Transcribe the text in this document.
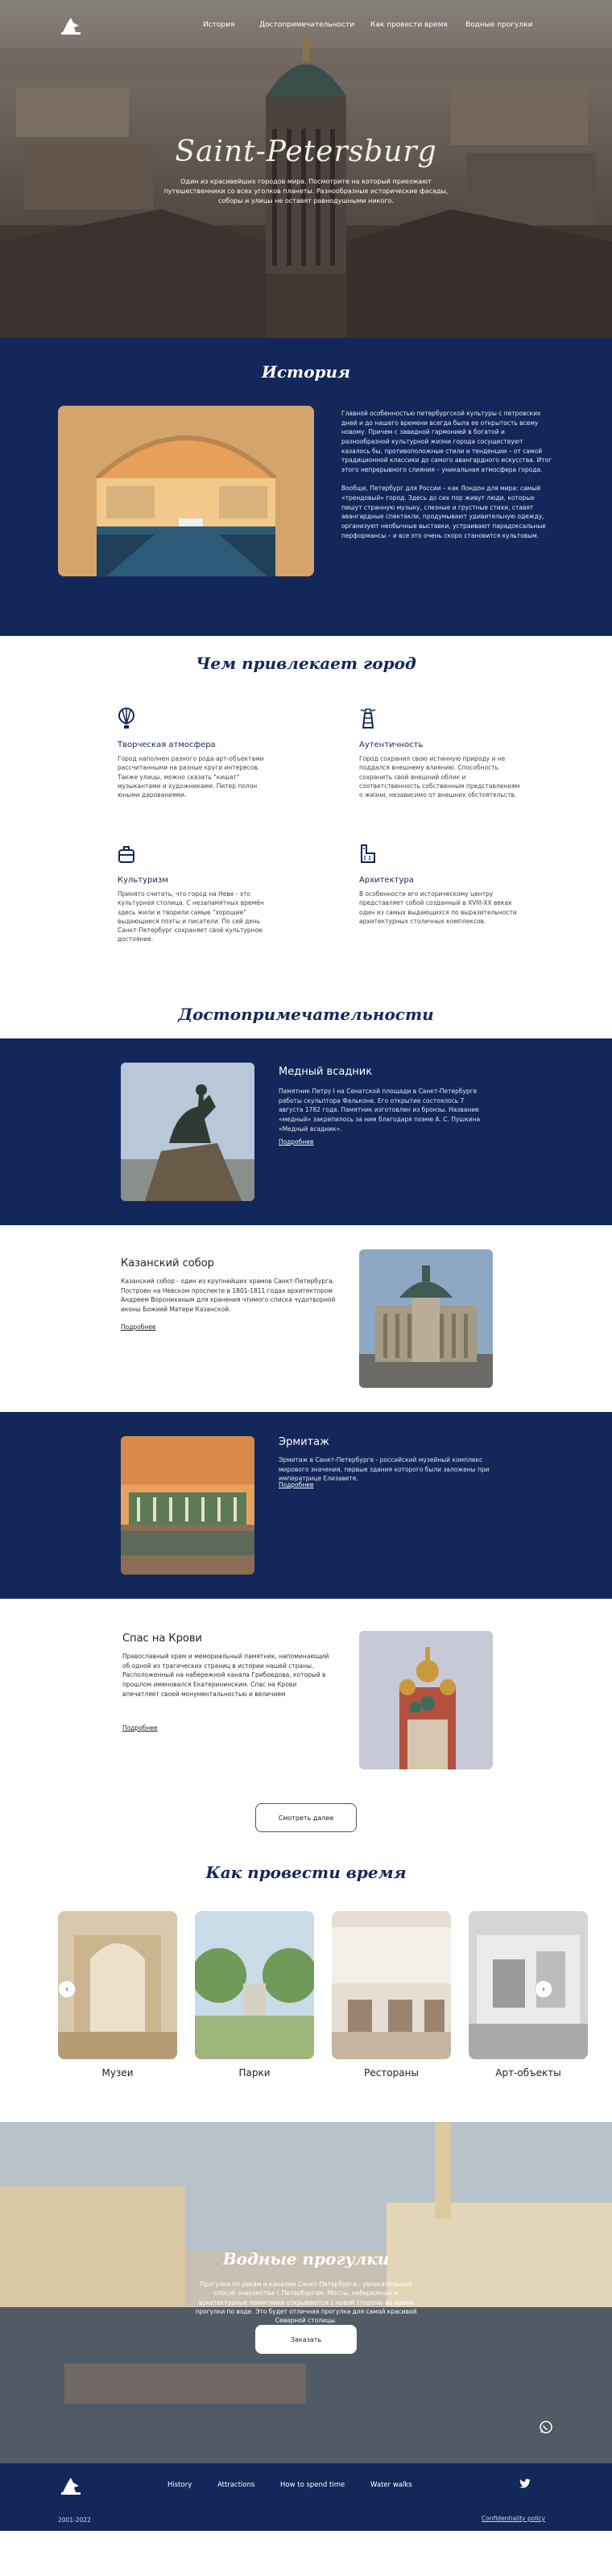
История	Достопримечательности Как провести время Водные прогулки
Saint-Petersburg
Один из красивейших городов мира. Посмотрите на который приезжают путешественники со всех уголков планеты. Разнообразные исторические фасады, соборы и улицы не оставят равнодушными никого.
История

Главной особенностью петербургской культуры с петровских дней и до нашего времени всегда была ее открытость всему новому. Причем с завидной гармонией в богатой и разнообразной культурной жизни города сосуществуют казалось бы, противоположные стили и тенденции – от самой традиционной классики до самого авангардного искусства. Итог этого непрерывного слияния – уникальная атмосфера города.

Вообще, Петербург для России – как Лондон для мира: самый «трендовый» город. Здесь до сих пор живут люди, которые пишут странную музыку, слезные и грустные стихи, ставят авангардные спектакли, продумывают удивительную одежду, организуют необычные выставки, устраивают парадоксальные перформансы – и все это очень скоро становится культовым.

Чем привлекает город
Творческая атмосфера
Город наполнен разного рода арт-объектами рассчитанными на разные круги интересов. Также улицы, можно сказать "кишат" музыкантами и художниками. Питер полон юными дарованиями.
Аутентичность
Город сохранил свою истинную природу и не поддался внешнему влиянию. Способность сохранить свой внешний облик и соответственность собственным представлениям о жизни, независимо от внешних обстоятельств.
Культуризм
Принято считать, что город на Неве - это культурная столица. С незапамятных времён здесь жили и творили самые "хорошие" выдающиеся поэты и писатели. По сей день Санкт-Петербург сохраняет своё культурное достояние.
Архитектура
В особенности его историческому центру представляет собой созданный в XVIII-XX веках один из самых выдающихся по выразительности архитектурных столичных комплексов.
Достопримечательности
Медный всадник
Памятник Петру I на Сенатской площади в Санкт-Петербурге работы скульптора Фальконе. Его открытие состоялось 7 августа 1782 года. Памятник изготовлен из бронзы. Название «медный» закрепилось за ним благодаря поэме А. С. Пушкина «Медный всадник».
Подробнее
Казанский собор
Казанский собор - один из крупнейших храмов Санкт-Петербурга. Построен на Невском проспекте в 1801-1811 годах архитектором Андреем Ворониханым для хранения чтимого списка чудотворной иконы Божией Матери Казанской.
Подробнее
Эрмитаж
Эрмитаж в Санкт-Петербурге - российский музейный комплекс мирового значения, первые здания которого были заложены при императрице Елизавете.
Подробнее
Спас на Крови
Православный храм и мемориальный памятник, напоминающий об одной из трагических страниц в истории нашей страны. Расположенный на набережной канала Грибоедова, который в прошлом именовался Екатерининским. Спас на Крови впечатляет своей монументальностью и величием
Подробнее
Смотреть далее
Как провести время
Музеи	Парки	Рестораны	Арт-объекты
‹	›
Водные прогулки
Прогулки по рекам и каналам Санкт-Петербурга - увлекательный способ знакомства с Петербургом. Мосты, набережные и архитектурные памятники открываются с новой стороны во время прогулки по воде. Это будет отличная прогулка для самой красивой Северной столицы.
Заказать
History	Attractions	How to spend time	Water walks
2001-2022	Confidentiality policy
